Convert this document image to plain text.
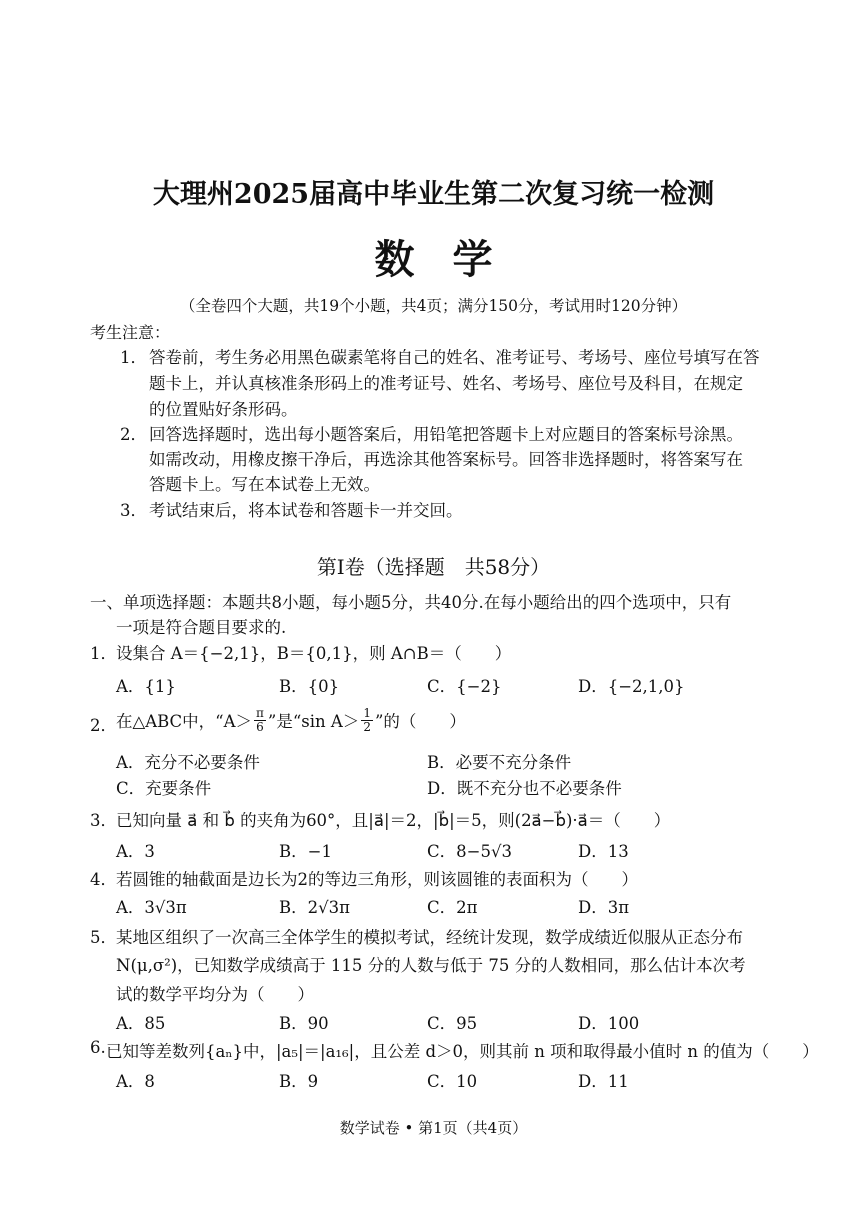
大理州2025届高中毕业生第二次复习统一检测
数学
（全卷四个大题，共19个小题，共4页；满分150分，考试用时120分钟）
考生注意：
1． 答卷前，考生务必用黑色碳素笔将自己的姓名、准考证号、考场号、座位号填写在答
题卡上，并认真核准条形码上的准考证号、姓名、考场号、座位号及科目，在规定
的位置贴好条形码。
2． 回答选择题时，选出每小题答案后，用铅笔把答题卡上对应题目的答案标号涂黑。
如需改动，用橡皮擦干净后，再选涂其他答案标号。回答非选择题时，将答案写在
答题卡上。写在本试卷上无效。
3． 考试结束后，将本试卷和答题卡一并交回。
第Ⅰ卷（选择题　共58分）
一、单项选择题：本题共8小题，每小题5分，共40分.在每小题给出的四个选项中，只有
一项是符合题目要求的.
1． 设集合 A＝{−2,1}，B＝{0,1}，则 A∩B＝（　　）
A．{1}	B．{0}	C．{−2}	D．{−2,1,0}
2． 在△ABC中，“$A> \frac{\pi}{6}$ ”是“sin $A> \frac{1}{2}$ ”的（　　）
A．充分不必要条件	B．必要不充分条件
C．充要条件	D．既不充分也不必要条件
3． 已知向量 a⃗ 和 b⃗ 的夹角为60°，且|a⃗|＝2，|b⃗|＝5，则(2a⃗−b⃗)·a⃗＝（　　）
A．3	B．−1	C．8−5√3	D．13
4． 若圆锥的轴截面是边长为2的等边三角形，则该圆锥的表面积为（　　）
A．3√3π	B．2√3π	C．2π	D．3π
5． 某地区组织了一次高三全体学生的模拟考试，经统计发现，数学成绩近似服从正态分布
N(μ,σ²)，已知数学成绩高于 115 分的人数与低于 75 分的人数相同，那么估计本次考
试的数学平均分为（　　）
A．85	B．90	C．95	D．100
6. 已知等差数列{aₙ}中，|a₅|＝|a₁₆|，且公差 d＞0，则其前 n 项和取得最小值时 n 的值为（　　）
A．8	B．9	C．10	D．11
数学试卷 • 第1页（共4页）
